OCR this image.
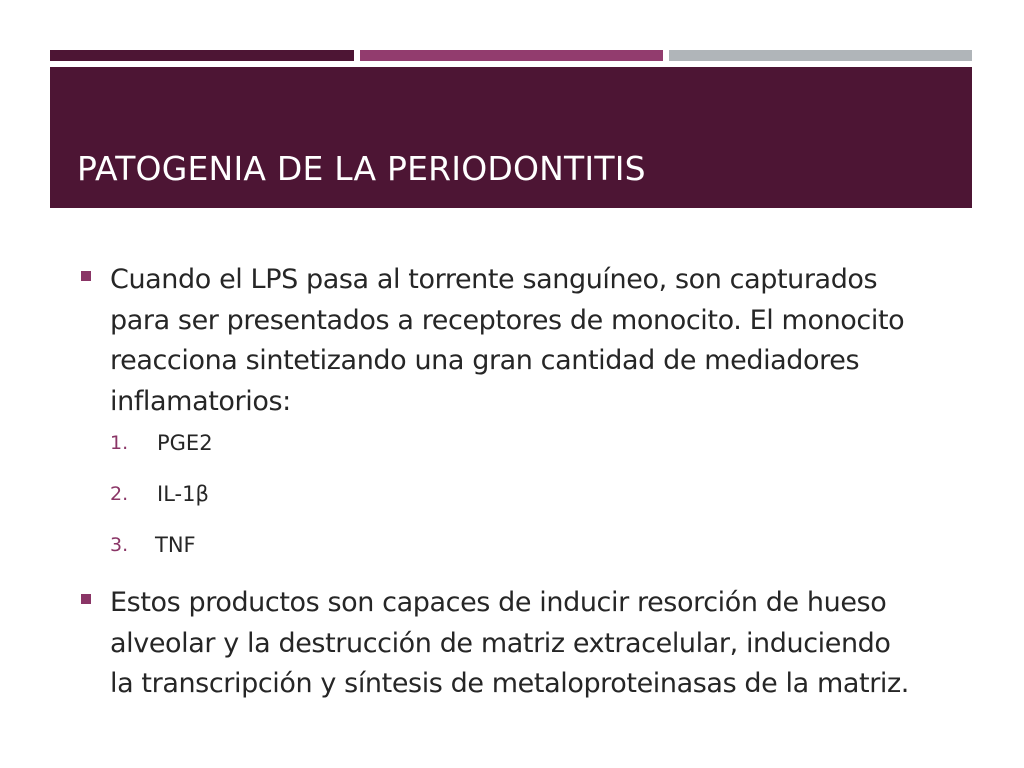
PATOGENIA DE LA PERIODONTITIS
Cuando el LPS pasa al torrente sanguíneo, son capturados
para ser presentados a receptores de monocito. El monocito
reacciona sintetizando una gran cantidad de mediadores
inflamatorios:
1. PGE2
2. IL-1β
3. TNF
Estos productos son capaces de inducir resorción de hueso
alveolar y la destrucción de matriz extracelular, induciendo
la transcripción y síntesis de metaloproteinasas de la matriz.
